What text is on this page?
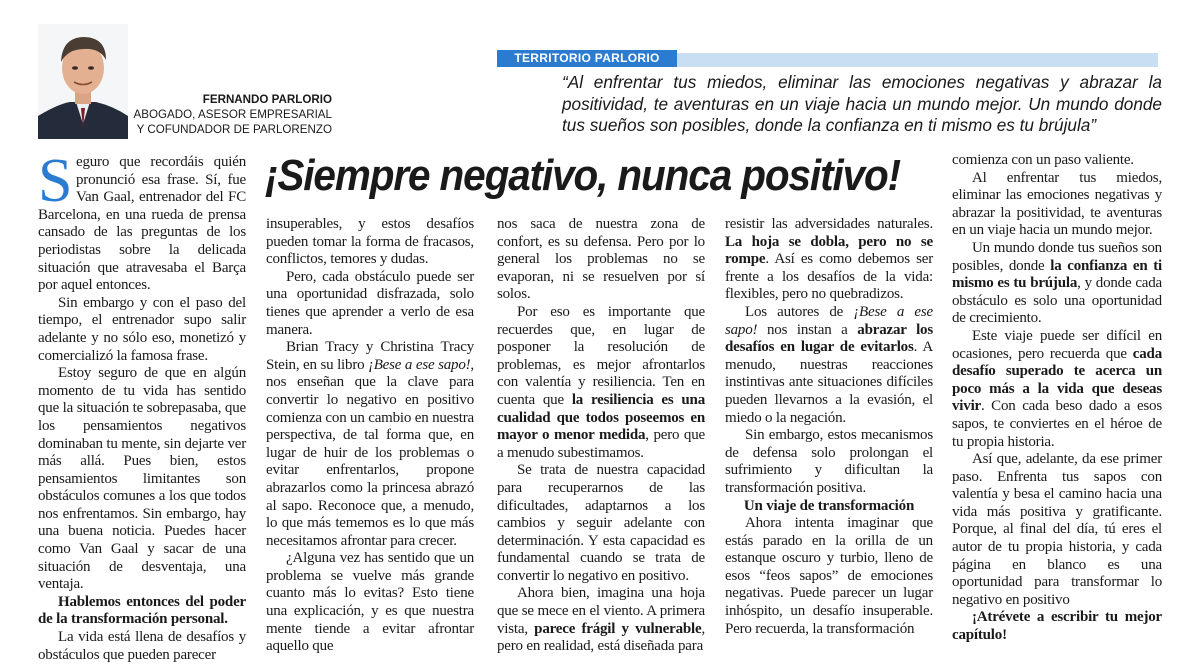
TERRITORIO PARLORIO
FERNANDO PARLORIO
ABOGADO, ASESOR EMPRESARIAL
Y COFUNDADOR DE PARLORENZO
“Al enfrentar tus miedos, eliminar las emociones negativas y abrazar la positividad, te aventuras en un viaje hacia un mundo mejor. Un mundo donde tus sueños son posibles, donde la confianza en ti mismo es tu brújula”
¡Siempre negativo, nunca positivo!

Seguro que recordáis quién pronunció esa frase. Sí, fue Van Gaal, entrenador del FC Barcelona, en una rueda de prensa cansado de las preguntas de los periodistas sobre la delicada situación que atravesaba el Barça por aquel entonces.

Sin embargo y con el paso del tiempo, el entrenador supo salir adelante y no sólo eso, monetizó y comercializó la famosa frase.

Estoy seguro de que en algún momento de tu vida has sentido que la situación te sobrepasaba, que los pensamientos negativos dominaban tu mente, sin dejarte ver más allá. Pues bien, estos pensamientos limitantes son obstáculos comunes a los que todos nos enfrentamos. Sin embargo, hay una buena noticia. Puedes hacer como Van Gaal y sacar de una situación de desventaja, una ventaja.

Hablemos entonces del poder de la transformación personal.

La vida está llena de desafíos y obstáculos que pueden parecer

insuperables, y estos desafíos pueden tomar la forma de fracasos, conflictos, temores y dudas.

Pero, cada obstáculo puede ser una oportunidad disfrazada, solo tienes que aprender a verlo de esa manera.

Brian Tracy y Christina Tracy Stein, en su libro ¡Bese a ese sapo!, nos enseñan que la clave para convertir lo negativo en positivo comienza con un cambio en nuestra perspectiva, de tal forma que, en lugar de huir de los problemas o evitar enfrentarlos, propone abrazarlos como la princesa abrazó al sapo. Reconoce que, a menudo, lo que más tememos es lo que más necesitamos afrontar para crecer.

¿Alguna vez has sentido que un problema se vuelve más grande cuanto más lo evitas? Esto tiene una explicación, y es que nuestra mente tiende a evitar afrontar aquello que

nos saca de nuestra zona de confort, es su defensa. Pero por lo general los problemas no se evaporan, ni se resuelven por sí solos.

Por eso es importante que recuerdes que, en lugar de posponer la resolución de problemas, es mejor afrontarlos con valentía y resiliencia. Ten en cuenta que la resiliencia es una cualidad que todos poseemos en mayor o menor medida, pero que a menudo subestimamos.

Se trata de nuestra capacidad para recuperarnos de las dificultades, adaptarnos a los cambios y seguir adelante con determinación. Y esta capacidad es fundamental cuando se trata de convertir lo negativo en positivo.

Ahora bien, imagina una hoja que se mece en el viento. A primera vista, parece frágil y vulnerable, pero en realidad, está diseñada para

resistir las adversidades naturales. La hoja se dobla, pero no se rompe. Así es como debemos ser frente a los desafíos de la vida: flexibles, pero no quebradizos.

Los autores de ¡Bese a ese sapo! nos instan a abrazar los desafíos en lugar de evitarlos. A menudo, nuestras reacciones instintivas ante situaciones difíciles pueden llevarnos a la evasión, el miedo o la negación.

Sin embargo, estos mecanismos de defensa solo prolongan el sufrimiento y dificultan la transformación positiva.

Un viaje de transformación

Ahora intenta imaginar que estás parado en la orilla de un estanque oscuro y turbio, lleno de esos “feos sapos” de emociones negativas. Puede parecer un lugar inhóspito, un desafío insuperable. Pero recuerda, la transformación

comienza con un paso valiente.

Al enfrentar tus miedos, eliminar las emociones negativas y abrazar la positividad, te aventuras en un viaje hacia un mundo mejor.

Un mundo donde tus sueños son posibles, donde la confianza en ti mismo es tu brújula, y donde cada obstáculo es solo una oportunidad de crecimiento.

Este viaje puede ser difícil en ocasiones, pero recuerda que cada desafío superado te acerca un poco más a la vida que deseas vivir. Con cada beso dado a esos sapos, te conviertes en el héroe de tu propia historia.

Así que, adelante, da ese primer paso. Enfrenta tus sapos con valentía y besa el camino hacia una vida más positiva y gratificante. Porque, al final del día, tú eres el autor de tu propia historia, y cada página en blanco es una oportunidad para transformar lo negativo en positivo

¡Atrévete a escribir tu mejor capítulo!
